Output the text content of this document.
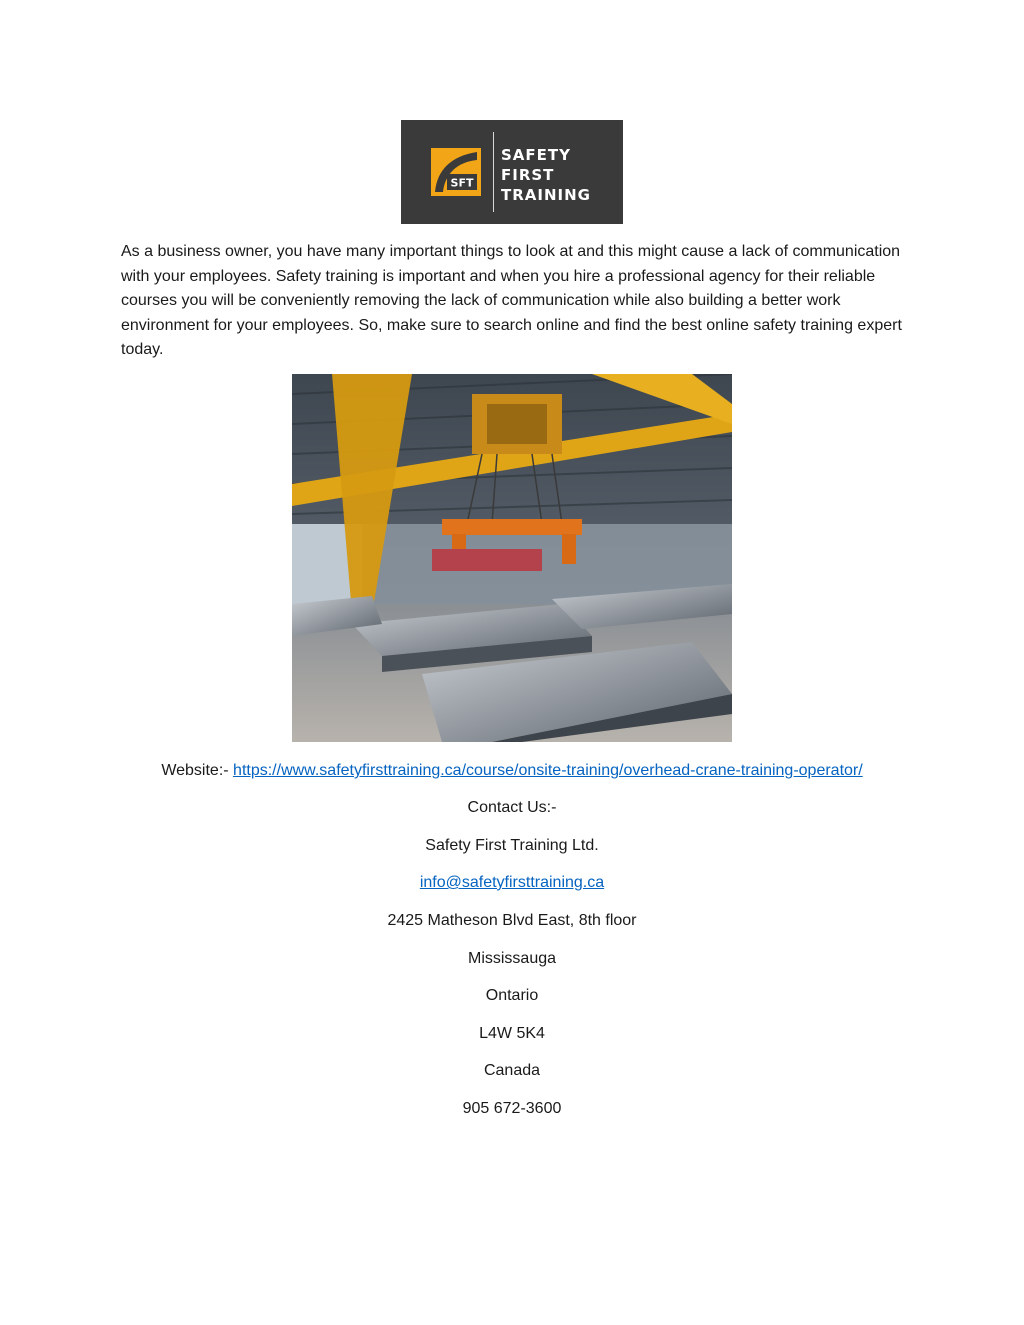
SFT
SAFETY
FIRST
TRAINING

As a business owner, you have many important things to look at and this might cause a lack of communication with your employees. Safety training is important and when you hire a professional agency for their reliable courses you will be conveniently removing the lack of communication while also building a better work environment for your employees. So, make sure to search online and find the best online safety training expert today.

Website:- https://www.safetyfirsttraining.ca/course/onsite-training/overhead-crane-training-operator/
Contact Us:-
Safety First Training Ltd.
info@safetyfirsttraining.ca
2425 Matheson Blvd East, 8th floor
Mississauga
Ontario
L4W 5K4
Canada
905 672-3600
